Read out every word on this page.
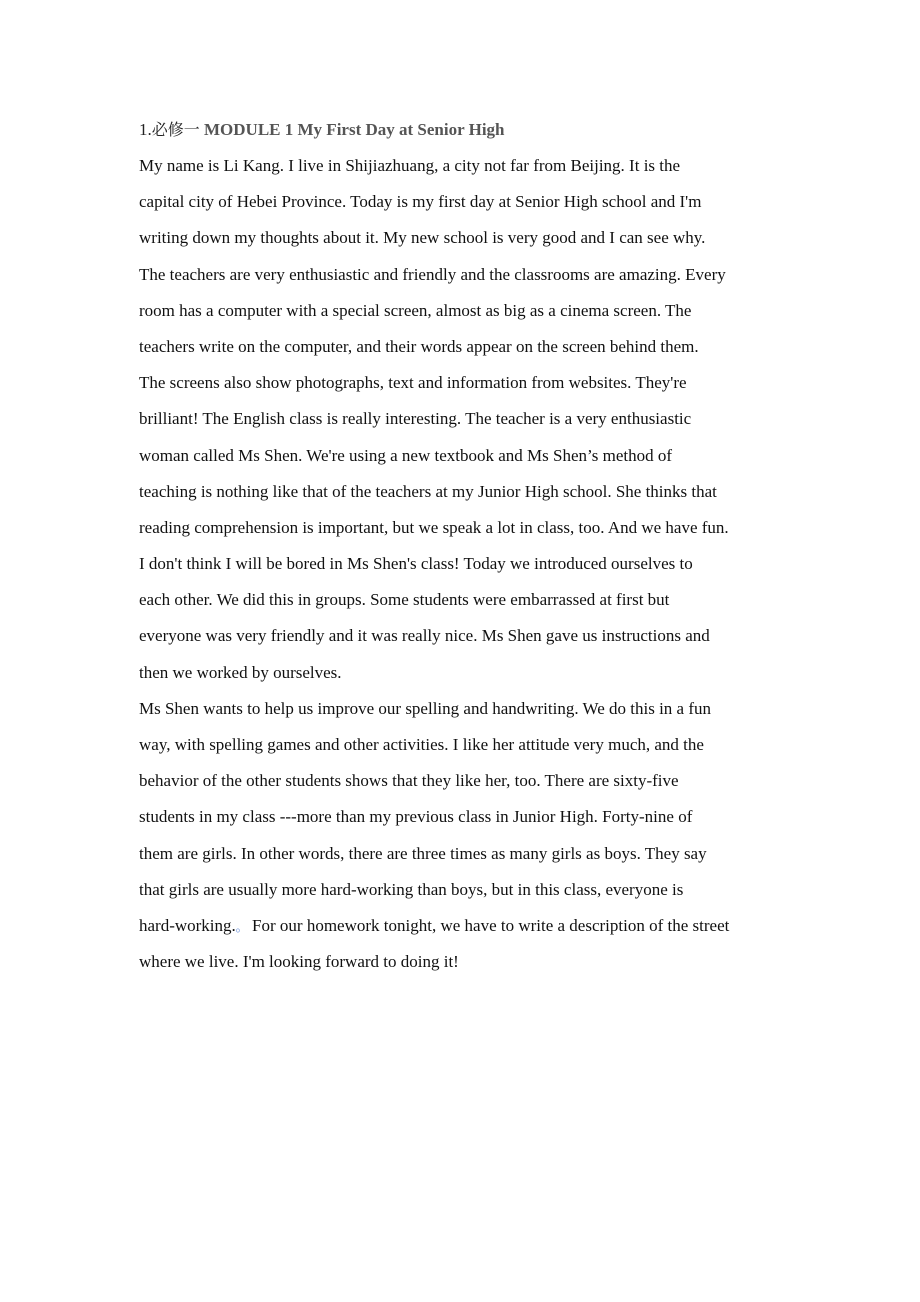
1.必修一 MODULE 1 My First Day at Senior High
My name is Li Kang. I live in Shijiazhuang, a city not far from Beijing. It is the
capital city of Hebei Province. Today is my first day at Senior High school and I'm
writing down my thoughts about it. My new school is very good and I can see why.
The teachers are very enthusiastic and friendly and the classrooms are amazing. Every
room has a computer with a special screen, almost as big as a cinema screen. The
teachers write on the computer, and their words appear on the screen behind them.
The screens also show photographs, text and information from websites. They're
brilliant! The English class is really interesting. The teacher is a very enthusiastic
woman called Ms Shen. We're using a new textbook and Ms Shen’s method of
teaching is nothing like that of the teachers at my Junior High school. She thinks that
reading comprehension is important, but we speak a lot in class, too. And we have fun.
I don't think I will be bored in Ms Shen's class! Today we introduced ourselves to
each other. We did this in groups. Some students were embarrassed at first but
everyone was very friendly and it was really nice. Ms Shen gave us instructions and
then we worked by ourselves.
Ms Shen wants to help us improve our spelling and handwriting. We do this in a fun
way, with spelling games and other activities. I like her attitude very much, and the
behavior of the other students shows that they like her, too. There are sixty-five
students in my class ---more than my previous class in Junior High. Forty-nine of
them are girls. In other words, there are three times as many girls as boys. They say
that girls are usually more hard-working than boys, but in this class, everyone is
hard-working.。 For our homework tonight, we have to write a description of the street
where we live. I'm looking forward to doing it!
